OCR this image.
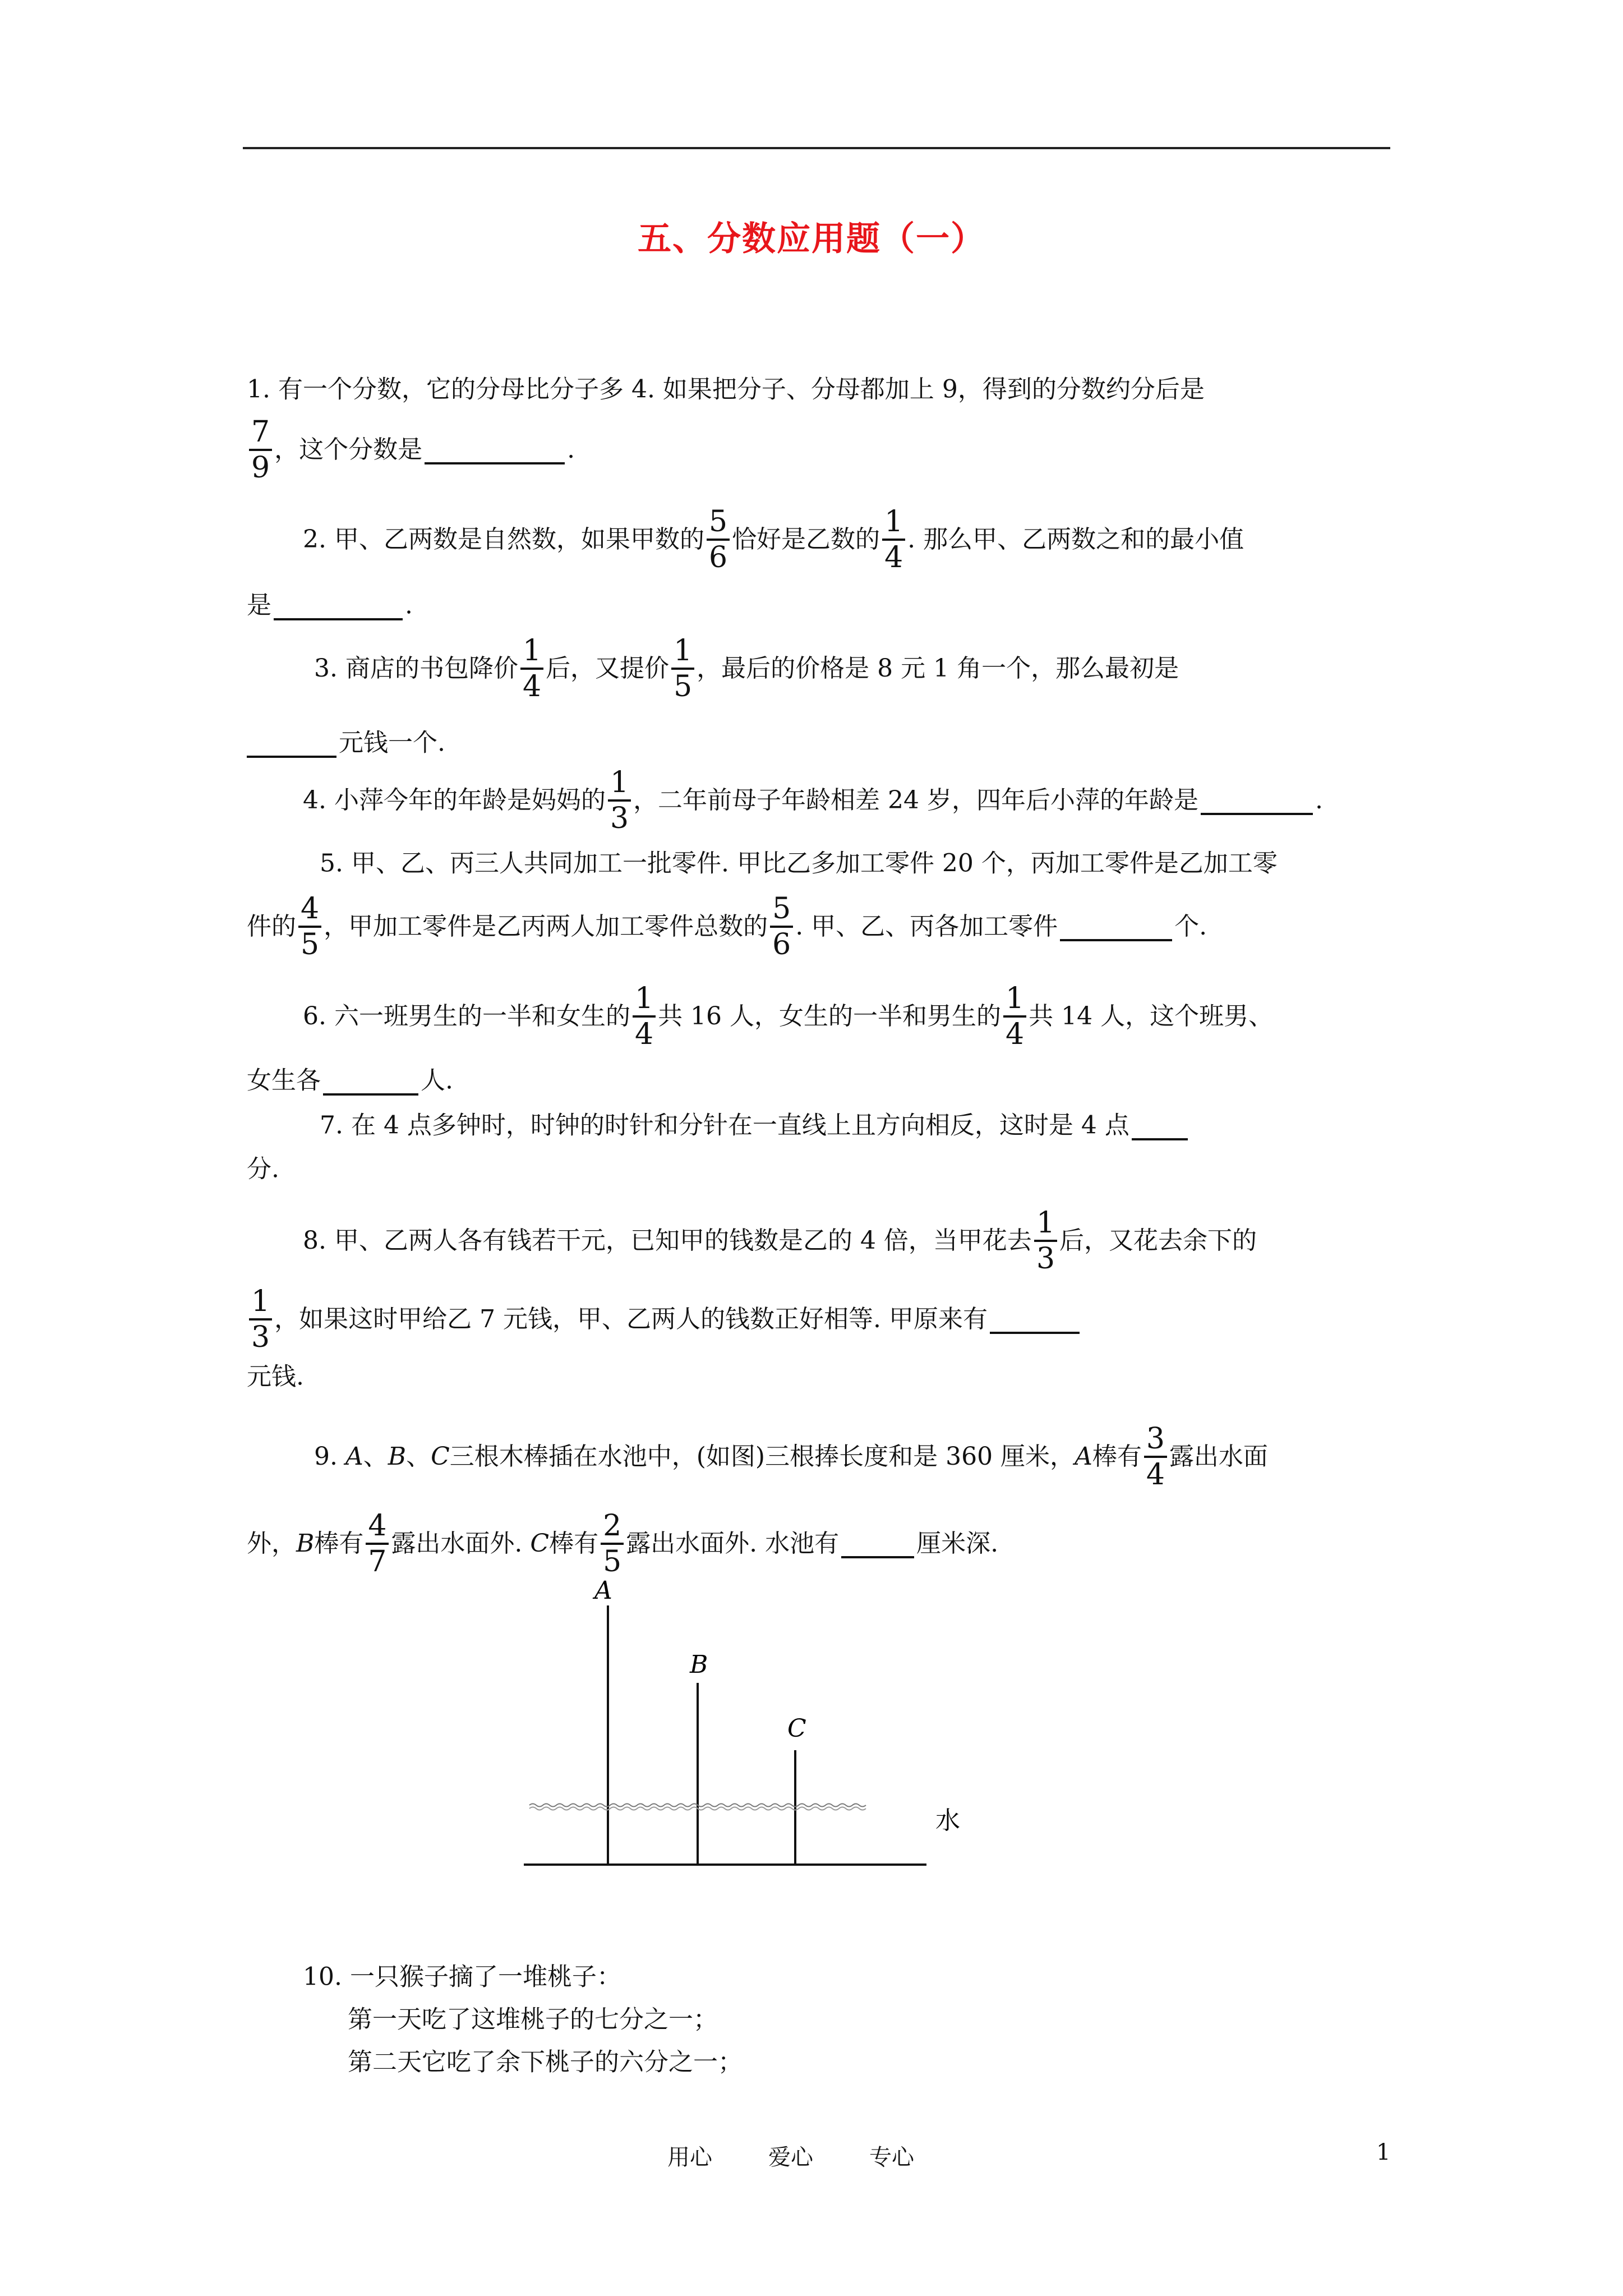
五、分数应用题（一）
1. 有一个分数，它的分母比分子多 4. 如果把分子、分母都加上 9，得到的分数约分后是
$\frac{7}{9}$ ，这个分数是	.
2. 甲、乙两数是自然数，如果甲数的 $\frac{5}{6}$ 恰好是乙数的 $\frac{1}{4}$ . 那么甲、乙两数之和的最小值
是	.
3. 商店的书包降价 $\frac{1}{4}$ 后，又提价 $\frac{1}{5}$ ，最后的价格是 8 元 1 角一个，那么最初是
元钱一个.
4. 小萍今年的年龄是妈妈的 $\frac{1}{3}$ ，二年前母子年龄相差 24 岁，四年后小萍的年龄是	.
5. 甲、乙、丙三人共同加工一批零件. 甲比乙多加工零件 20 个，丙加工零件是乙加工零
件的 $\frac{4}{5}$ ，甲加工零件是乙丙两人加工零件总数的 $\frac{5}{6}$ . 甲、乙、丙各加工零件	个.
6. 六一班男生的一半和女生的 $\frac{1}{4}$ 共 16 人，女生的一半和男生的 $\frac{1}{4}$ 共 14 人，这个班男、
女生各	人.
7. 在 4 点多钟时，时钟的时针和分针在一直线上且方向相反，这时是 4 点
分.
8. 甲、乙两人各有钱若干元，已知甲的钱数是乙的 4 倍，当甲花去 $\frac{1}{3}$ 后，又花去余下的
$\frac{1}{3}$ ，如果这时甲给乙 7 元钱，甲、乙两人的钱数正好相等. 甲原来有
元钱.
9. A、B、C三根木棒插在水池中，(如图)三根捧长度和是 360 厘米，A棒有 $\frac{3}{4}$ 露出水面
外，B棒有 $\frac{4}{7}$ 露出水面外. C棒有 $\frac{2}{5}$ 露出水面外. 水池有	厘米深.
A
B
C
水
10. 一只猴子摘了一堆桃子：
第一天吃了这堆桃子的七分之一；
第二天它吃了余下桃子的六分之一；
用心	爱心	专心	1
